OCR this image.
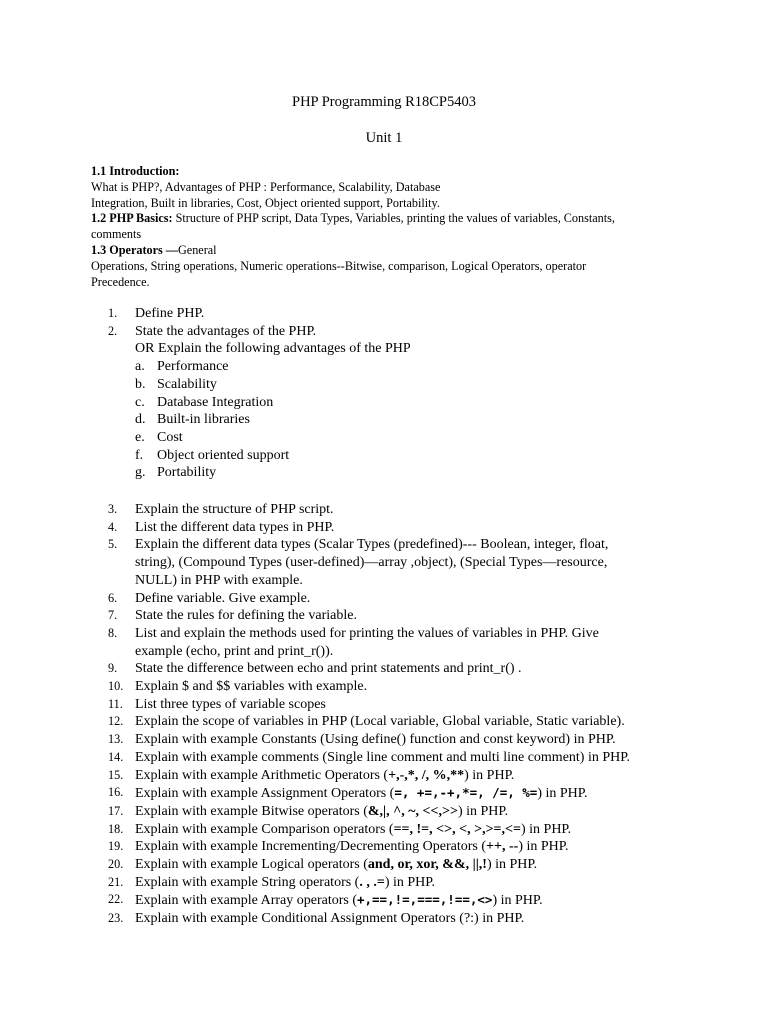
PHP Programming R18CP5403
Unit 1

1.1 Introduction:

What is PHP?, Advantages of PHP : Performance, Scalability, Database

Integration, Built in libraries, Cost, Object oriented support, Portability.

1.2 PHP Basics: Structure of PHP script, Data Types, Variables, printing the values of variables, Constants,

comments

1.3 Operators —General

Operations, String operations, Numeric operations--Bitwise, comparison, Logical Operators, operator

Precedence.

1.	Define PHP.
2.	State the advantages of the PHP.
OR Explain the following advantages of the PHP
a. Performance
b. Scalability
c. Database Integration
d. Built-in libraries
e. Cost
f. Object oriented support
g. Portability
3.	Explain the structure of PHP script.
4.	List the different data types in PHP.
5.	Explain the different data types (Scalar Types (predefined)--- Boolean, integer, float,
string), (Compound Types (user-defined)—array ,object), (Special Types—resource,
NULL) in PHP with example.
6.	Define variable. Give example.
7.	State the rules for defining the variable.
8.	List and explain the methods used for printing the values of variables in PHP. Give
example (echo, print and print_r()).
9.	State the difference between echo and print statements and print_r() .
10. Explain $ and $$ variables with example.
11. List three types of variable scopes
12. Explain the scope of variables in PHP (Local variable, Global variable, Static variable).
13. Explain with example Constants (Using define() function and const keyword) in PHP.
14. Explain with example comments (Single line comment and multi line comment) in PHP.
15. Explain with example Arithmetic Operators (+,-,*, /, %,**) in PHP.
16. Explain with example Assignment Operators (=, +=,-+,*=, /=, %=) in PHP.
17. Explain with example Bitwise operators (&,|, ^, ~, <<,>>) in PHP.
18. Explain with example Comparison operators (==, !=, <>, <, >,>=,<=) in PHP.
19. Explain with example Incrementing/Decrementing Operators (++, --) in PHP.
20. Explain with example Logical operators (and, or, xor, &&, ||,!) in PHP.
21. Explain with example String operators (. , .=) in PHP.
22. Explain with example Array operators (+,==,!=,===,!==,<>) in PHP.
23. Explain with example Conditional Assignment Operators (?:) in PHP.
